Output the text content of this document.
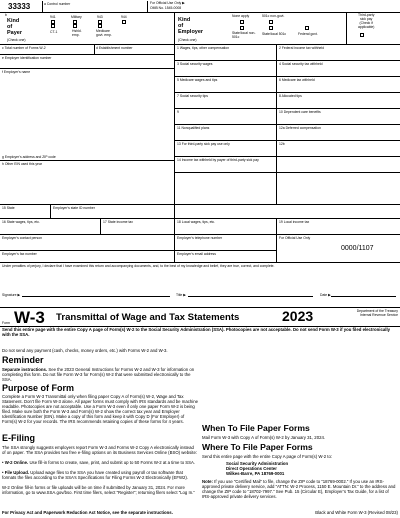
33333	a Control number	For Official Use Only ▶
OMB No. 1545-0008
b
Kind
of
Payer
(Check one)
941	Military	943	944
CT-1	Hshld. emp.
Medicare govt. emp.
Kind
of
Employer
(Check one)
None apply	501c non-govt.
State/local non-501c
State/local 501c	Federal govt.
Third-party
sick pay
(Check if
applicable)
c Total number of Forms W-2	d Establishment number
e Employer identification number
f Employer’s name
g Employer’s address and ZIP code
h Other EIN used this year
1 Wages, tips, other compensation	2 Federal income tax withheld
3 Social security wages	4 Social security tax withheld
5 Medicare wages and tips	6 Medicare tax withheld
7 Social security tips	8 Allocated tips
9	10 Dependent care benefits
11 Nonqualified plans	12a Deferred compensation
13 For third-party sick pay use only	12b
14 Income tax withheld by payer of third-party sick pay
15 State	Employer’s state ID number
16 State wages, tips, etc.	17 State income tax	18 Local wages, tips, etc.	19 Local income tax
Employer’s contact person	Employer’s telephone number	For Official Use Only
0000/1107
Employer’s fax number	Employer’s email address
Under penalties of perjury, I declare that I have examined this return and accompanying documents, and, to the best of my knowledge and belief, they are true, correct, and complete.
Signature ▶	Title ▶	Date ▶
Form W-3 Transmittal of Wage and Tax Statements	2023	Department of the Treasury
Internal Revenue Service
Send this entire page with the entire Copy A page of Form(s) W-2 to the Social Security Administration (SSA). Photocopies are not acceptable. Do not send Form W-3 if you filed electronically with the SSA.
Do not send any payment (cash, checks, money orders, etc.) with Forms W-2 and W-3.
Reminder
Separate instructions. See the 2023 General Instructions for Forms W-2 and W-3 for information on completing this form. Do not file Form W-3 for Form(s) W-2 that were submitted electronically to the SSA.
Purpose of Form
Complete a Form W-3 Transmittal only when filing paper Copy A of Form(s) W-2, Wage and Tax Statement. Don’t file Form W-3 alone. All paper forms must comply with IRS standards and be machine readable. Photocopies are not acceptable. Use a Form W-3 even if only one paper Form W-2 is being filed. Make sure both the Form W-3 and Form(s) W-2 show the correct tax year and Employer Identification Number (EIN). Make a copy of this form and keep it with Copy D (For Employer) of Form(s) W-2 for your records. The IRS recommends retaining copies of these forms for 4 years.
E-Filing
The SSA strongly suggests employers report Form W-3 and Forms W-2 Copy A electronically instead of on paper. The SSA provides two free e-filing options on its Business Services Online (BSO) website:
• W-2 Online. Use fill-in forms to create, save, print, and submit up to 50 Forms W-2 at a time to SSA.
• File Upload. Upload wage files to the SSA you have created using payroll or tax software that formats the files according to the SSA’s Specifications for Filing Forms W-2 Electronically (EFW2).
W-2 Online fill-in forms or file uploads will be on time if submitted by January 31, 2024. For more information, go to www.SSA.gov/bso. First time filers, select “Register”; returning filers select “Log In.”
When To File Paper Forms
Mail Form W-3 with Copy A of Form(s) W-2 by January 31, 2024.
Where To File Paper Forms
Send this entire page with the entire Copy A page of Form(s) W-2 to:
Social Security Administration
Direct Operations Center
Wilkes-Barre, PA 18769-0001
Note: If you use “Certified Mail” to file, change the ZIP code to “18769-0002.” If you use an IRS-approved private delivery service, add “ATTN: W-2 Process, 1150 E. Mountain Dr.” to the address and change the ZIP code to “18702-7997.” See Pub. 15 (Circular E), Employer’s Tax Guide, for a list of IRS-approved private delivery services.
For Privacy Act and Paperwork Reduction Act Notice, see the separate instructions.	Black and White Form W-3 (Revised 08/23)
